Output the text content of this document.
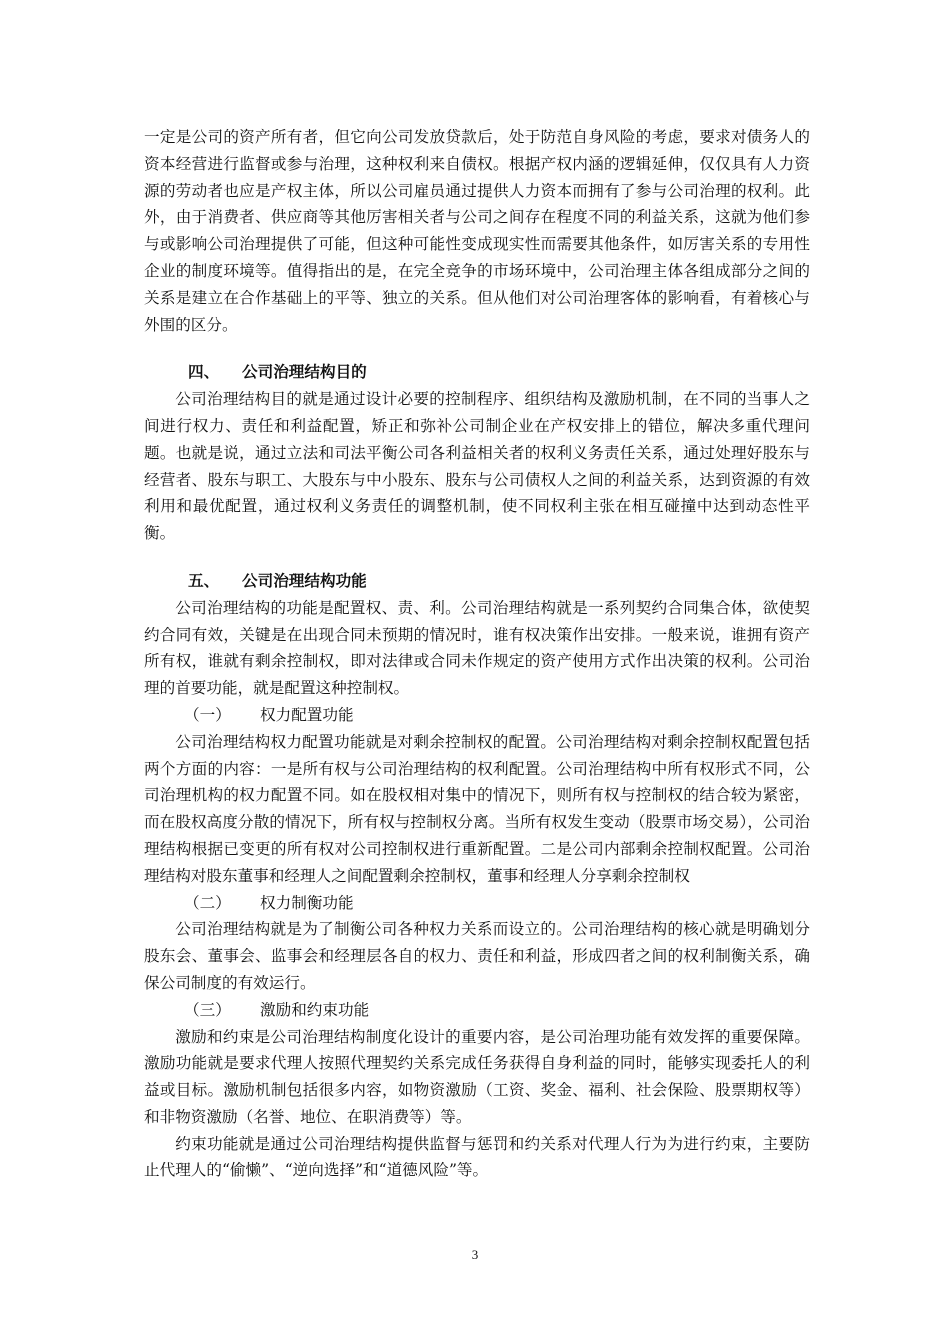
一定是公司的资产所有者，但它向公司发放贷款后，处于防范自身风险的考虑，要求对债务人的资本经营进行监督或参与治理，这种权利来自债权。根据产权内涵的逻辑延伸，仅仅具有人力资源的劳动者也应是产权主体，所以公司雇员通过提供人力资本而拥有了参与公司治理的权利。此外，由于消费者、供应商等其他厉害相关者与公司之间存在程度不同的利益关系，这就为他们参与或影响公司治理提供了可能，但这种可能性变成现实性而需要其他条件，如厉害关系的专用性企业的制度环境等。值得指出的是，在完全竞争的市场环境中，公司治理主体各组成部分之间的关系是建立在合作基础上的平等、独立的关系。但从他们对公司治理客体的影响看，有着核心与外围的区分。

四、 公司治理结构目的

公司治理结构目的就是通过设计必要的控制程序、组织结构及激励机制，在不同的当事人之间进行权力、责任和利益配置，矫正和弥补公司制企业在产权安排上的错位，解决多重代理问题。也就是说，通过立法和司法平衡公司各利益相关者的权利义务责任关系，通过处理好股东与经营者、股东与职工、大股东与中小股东、股东与公司债权人之间的利益关系，达到资源的有效利用和最优配置，通过权利义务责任的调整机制，使不同权利主张在相互碰撞中达到动态性平衡。

五、 公司治理结构功能

公司治理结构的功能是配置权、责、利。公司治理结构就是一系列契约合同集合体，欲使契约合同有效，关键是在出现合同未预期的情况时，谁有权决策作出安排。一般来说，谁拥有资产所有权，谁就有剩余控制权，即对法律或合同未作规定的资产使用方式作出决策的权利。公司治理的首要功能，就是配置这种控制权。

（一） 权力配置功能

公司治理结构权力配置功能就是对剩余控制权的配置。公司治理结构对剩余控制权配置包括两个方面的内容：一是所有权与公司治理结构的权利配置。公司治理结构中所有权形式不同，公司治理机构的权力配置不同。如在股权相对集中的情况下，则所有权与控制权的结合较为紧密，而在股权高度分散的情况下，所有权与控制权分离。当所有权发生变动（股票市场交易），公司治理结构根据已变更的所有权对公司控制权进行重新配置。二是公司内部剩余控制权配置。公司治理结构对股东董事和经理人之间配置剩余控制权，董事和经理人分享剩余控制权

（二） 权力制衡功能

公司治理结构就是为了制衡公司各种权力关系而设立的。公司治理结构的核心就是明确划分股东会、董事会、监事会和经理层各自的权力、责任和利益，形成四者之间的权利制衡关系，确保公司制度的有效运行。

（三） 激励和约束功能

激励和约束是公司治理结构制度化设计的重要内容，是公司治理功能有效发挥的重要保障。激励功能就是要求代理人按照代理契约关系完成任务获得自身利益的同时，能够实现委托人的利益或目标。激励机制包括很多内容，如物资激励（工资、奖金、福利、社会保险、股票期权等）和非物资激励（名誉、地位、在职消费等）等。

约束功能就是通过公司治理结构提供监督与惩罚和约关系对代理人行为为进行约束，主要防止代理人的“偷懒”、“逆向选择”和“道德风险”等。

3
